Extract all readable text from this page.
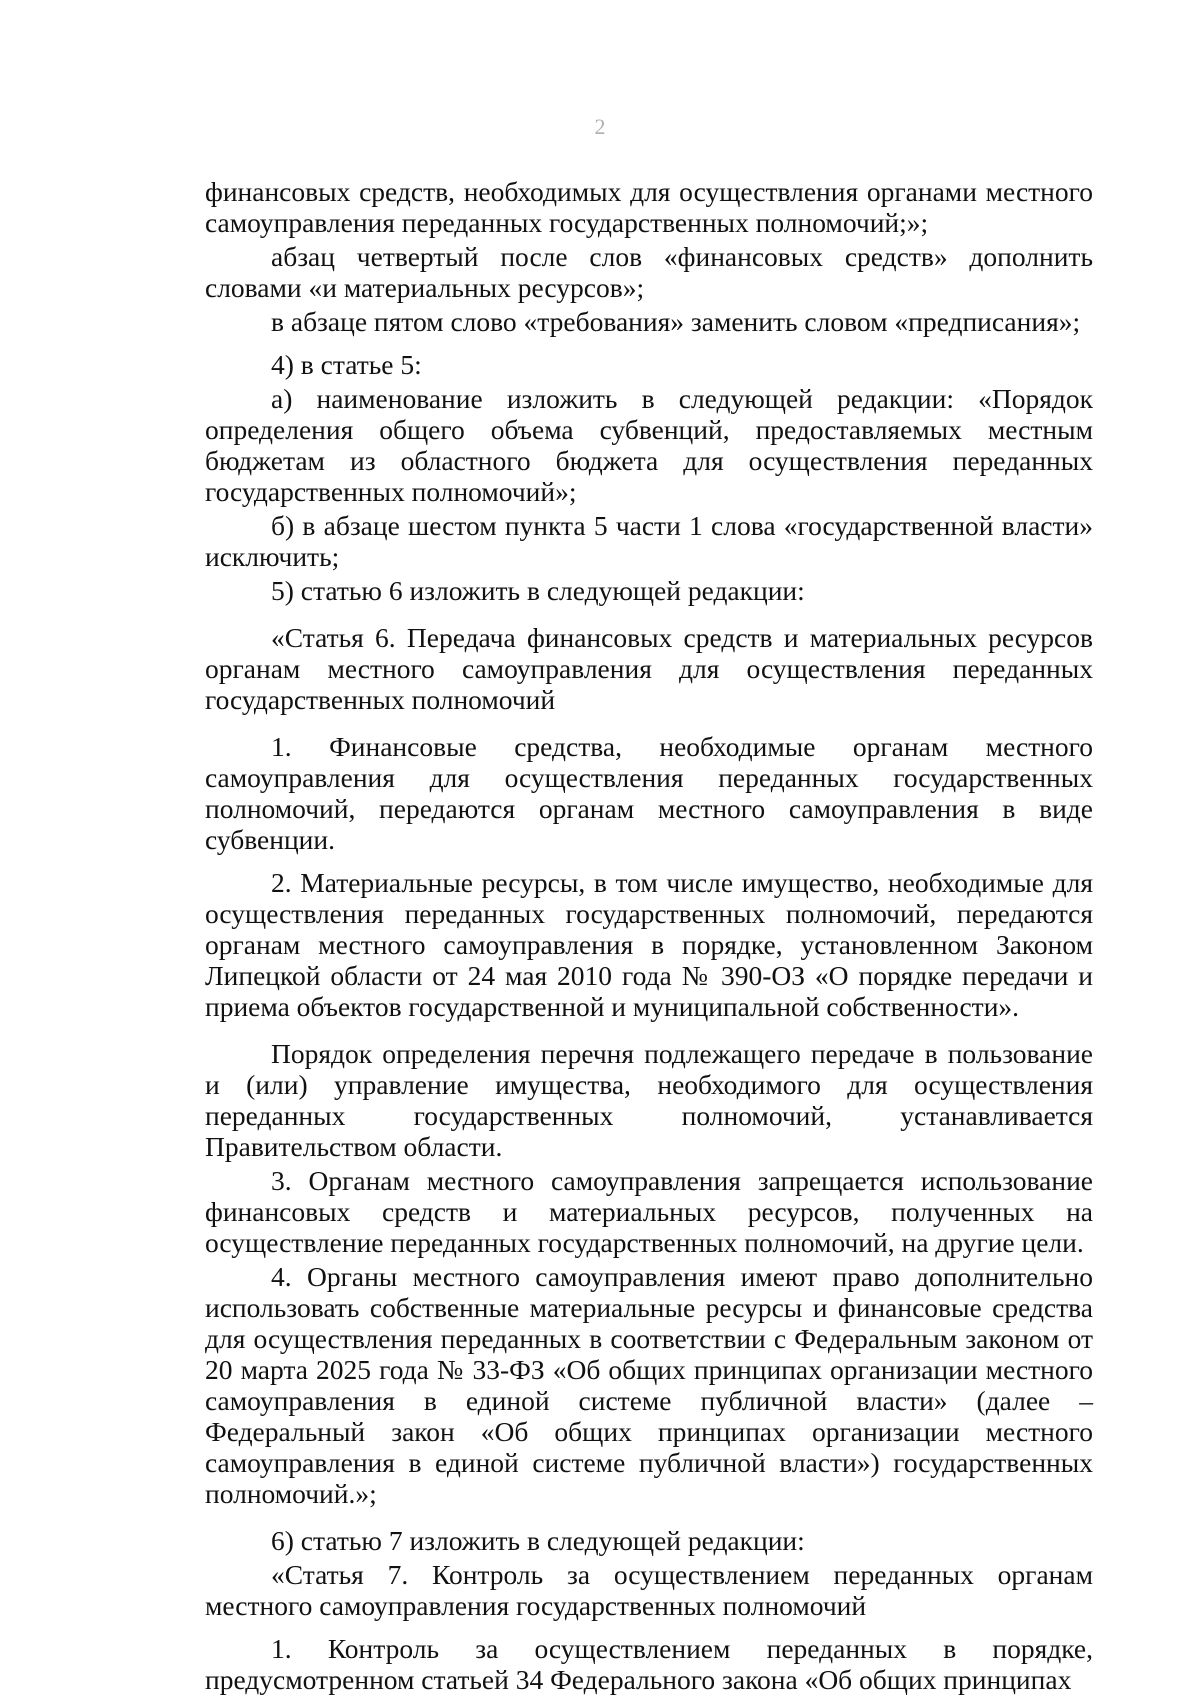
2

финансовых средств, необходимых для осуществления органами местного самоуправления переданных государственных полномочий;»;

абзац четвертый после слов «финансовых средств» дополнить словами «и материальных ресурсов»;

в абзаце пятом слово «требования» заменить словом «предписания»;

4) в статье 5:

а) наименование изложить в следующей редакции: «Порядок определения общего объема субвенций, предоставляемых местным бюджетам из областного бюджета для осуществления переданных государственных полномочий»;

б) в абзаце шестом пункта 5 части 1 слова «государственной власти» исключить;

5) статью 6 изложить в следующей редакции:

«Статья 6. Передача финансовых средств и материальных ресурсов органам местного самоуправления для осуществления переданных государственных полномочий

1. Финансовые средства, необходимые органам местного самоуправления для осуществления переданных государственных полномочий, передаются органам местного самоуправления в виде субвенции.

2. Материальные ресурсы, в том числе имущество, необходимые для осуществления переданных государственных полномочий, передаются органам местного самоуправления в порядке, установленном Законом Липецкой области от 24 мая 2010 года № 390-ОЗ «О порядке передачи и приема объектов государственной и муниципальной собственности».

Порядок определения перечня подлежащего передаче в пользование и (или) управление имущества, необходимого для осуществления переданных государственных полномочий, устанавливается Правительством области.

3. Органам местного самоуправления запрещается использование финансовых средств и материальных ресурсов, полученных на осуществление переданных государственных полномочий, на другие цели.

4. Органы местного самоуправления имеют право дополнительно использовать собственные материальные ресурсы и финансовые средства для осуществления переданных в соответствии с Федеральным законом от 20 марта 2025 года № 33-ФЗ «Об общих принципах организации местного самоуправления в единой системе публичной власти» (далее – Федеральный закон «Об общих принципах организации местного самоуправления в единой системе публичной власти») государственных полномочий.»;

6) статью 7 изложить в следующей редакции:

«Статья 7. Контроль за осуществлением переданных органам местного самоуправления государственных полномочий

1. Контроль за осуществлением переданных в порядке, предусмотренном статьей 34 Федерального закона «Об общих принципах
